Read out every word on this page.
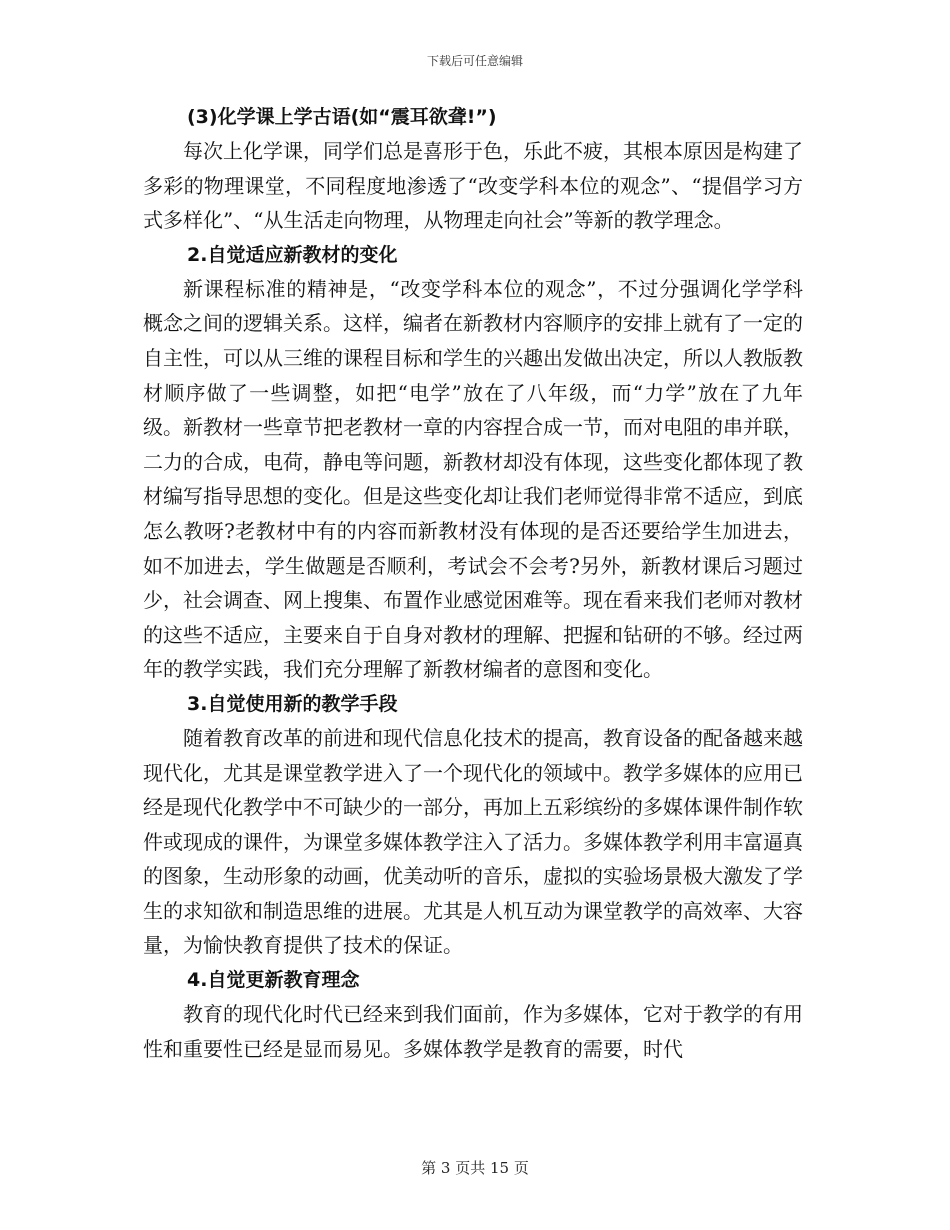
下载后可任意编辑

(3)化学课上学古语(如“震耳欲聋!”)

每次上化学课，同学们总是喜形于色，乐此不疲，其根本原因是构建了多彩的物理课堂，不同程度地渗透了“改变学科本位的观念”、“提倡学习方式多样化”、“从生活走向物理，从物理走向社会”等新的教学理念。

2.自觉适应新教材的变化

新课程标准的精神是，“改变学科本位的观念”，不过分强调化学学科概念之间的逻辑关系。这样，编者在新教材内容顺序的安排上就有了一定的自主性，可以从三维的课程目标和学生的兴趣出发做出决定，所以人教版教材顺序做了一些调整，如把“电学”放在了八年级，而“力学”放在了九年级。新教材一些章节把老教材一章的内容捏合成一节，而对电阻的串并联，二力的合成，电荷，静电等问题，新教材却没有体现，这些变化都体现了教材编写指导思想的变化。但是这些变化却让我们老师觉得非常不适应，到底怎么教呀?老教材中有的内容而新教材没有体现的是否还要给学生加进去，如不加进去，学生做题是否顺利，考试会不会考?另外，新教材课后习题过少，社会调查、网上搜集、布置作业感觉困难等。现在看来我们老师对教材的这些不适应，主要来自于自身对教材的理解、把握和钻研的不够。经过两年的教学实践，我们充分理解了新教材编者的意图和变化。

3.自觉使用新的教学手段

随着教育改革的前进和现代信息化技术的提高，教育设备的配备越来越现代化，尤其是课堂教学进入了一个现代化的领域中。教学多媒体的应用已经是现代化教学中不可缺少的一部分，再加上五彩缤纷的多媒体课件制作软件或现成的课件，为课堂多媒体教学注入了活力。多媒体教学利用丰富逼真的图象，生动形象的动画，优美动听的音乐，虚拟的实验场景极大激发了学生的求知欲和制造思维的进展。尤其是人机互动为课堂教学的高效率、大容量，为愉快教育提供了技术的保证。

4.自觉更新教育理念

教育的现代化时代已经来到我们面前，作为多媒体，它对于教学的有用性和重要性已经是显而易见。多媒体教学是教育的需要，时代

第 3 页共 15 页
